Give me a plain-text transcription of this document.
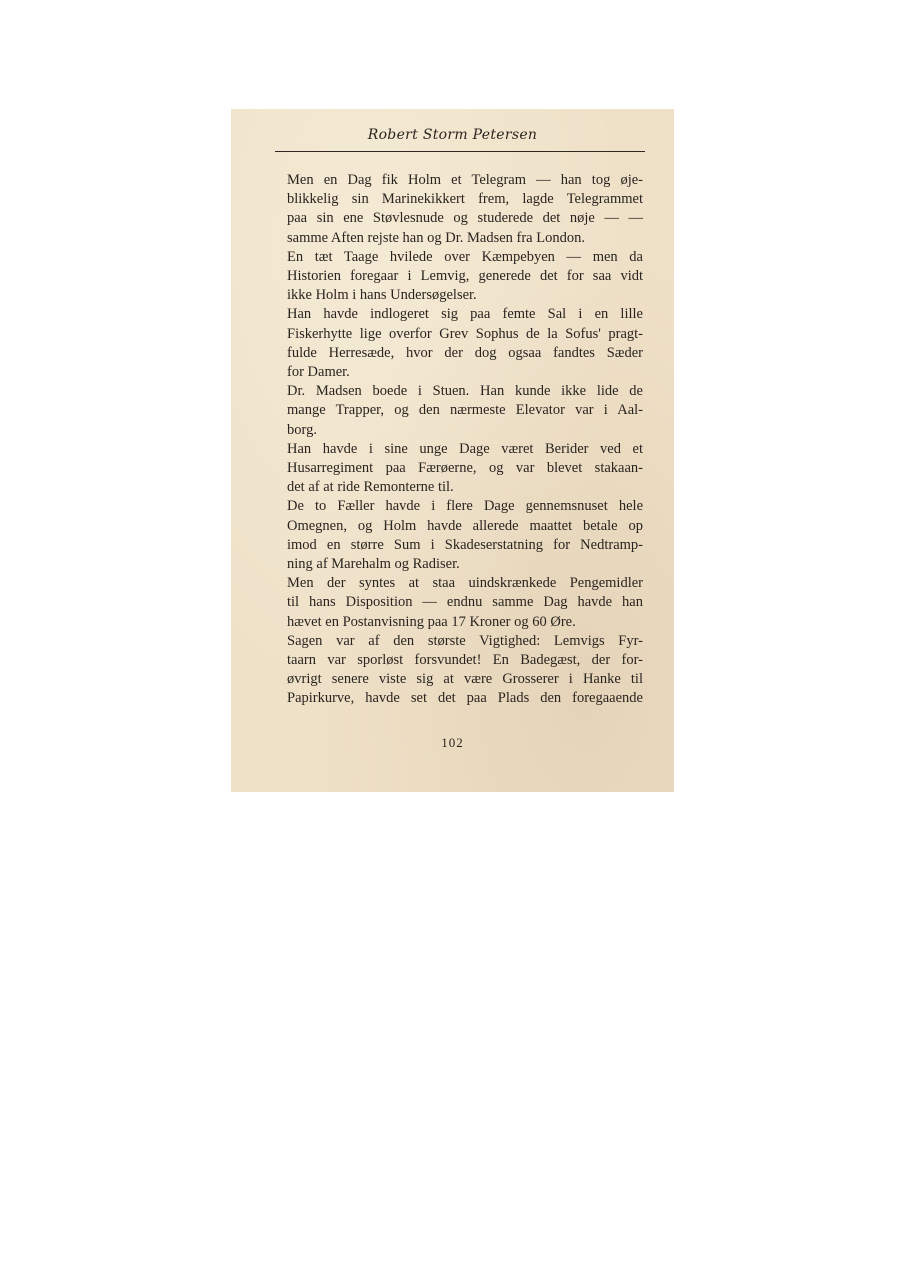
Robert Storm Petersen

Men en Dag fik Holm et Telegram — han tog øje-
blikkelig sin Marinekikkert frem, lagde Telegrammet
paa sin ene Støvlesnude og studerede det nøje — —
samme Aften rejste han og Dr. Madsen fra London.

En tæt Taage hvilede over Kæmpebyen — men da
Historien foregaar i Lemvig, generede det for saa vidt
ikke Holm i hans Undersøgelser.

Han havde indlogeret sig paa femte Sal i en lille
Fiskerhytte lige overfor Grev Sophus de la Sofus' pragt-
fulde Herresæde, hvor der dog ogsaa fandtes Sæder
for Damer.

Dr. Madsen boede i Stuen. Han kunde ikke lide de
mange Trapper, og den nærmeste Elevator var i Aal-
borg.

Han havde i sine unge Dage været Berider ved et
Husarregiment paa Færøerne, og var blevet stakaan-
det af at ride Remonterne til.

De to Fæller havde i flere Dage gennemsnuset hele
Omegnen, og Holm havde allerede maattet betale op
imod en større Sum i Skadeserstatning for Nedtramp-
ning af Marehalm og Radiser.

Men der syntes at staa uindskrænkede Pengemidler
til hans Disposition — endnu samme Dag havde han
hævet en Postanvisning paa 17 Kroner og 60 Øre.

Sagen var af den største Vigtighed: Lemvigs Fyr-
taarn var sporløst forsvundet! En Badegæst, der for-
øvrigt senere viste sig at være Grosserer i Hanke til
Papirkurve, havde set det paa Plads den foregaaende

102
